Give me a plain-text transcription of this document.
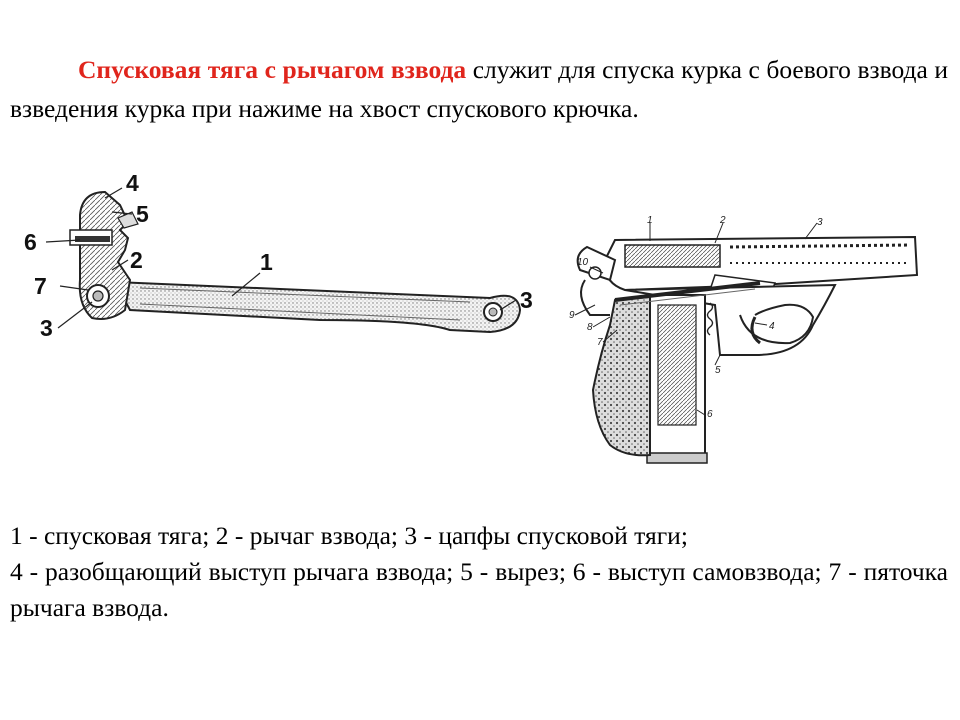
Спусковая тяга с рычагом взвода служит для спуска курка с боевого взвода и взведения курка при нажиме на хвост спускового крючка.

4
5
6
2	1
7
3
3
1	2	3
10
4
9
8
7
5
6
1 - спусковая тяга; 2 - рычаг взвода; 3 - цапфы спусковой тяги;
4 - разобщающий выступ рычага взвода; 5 - вырез; 6 - выступ самовзвода; 7 - пяточка рычага взвода.
